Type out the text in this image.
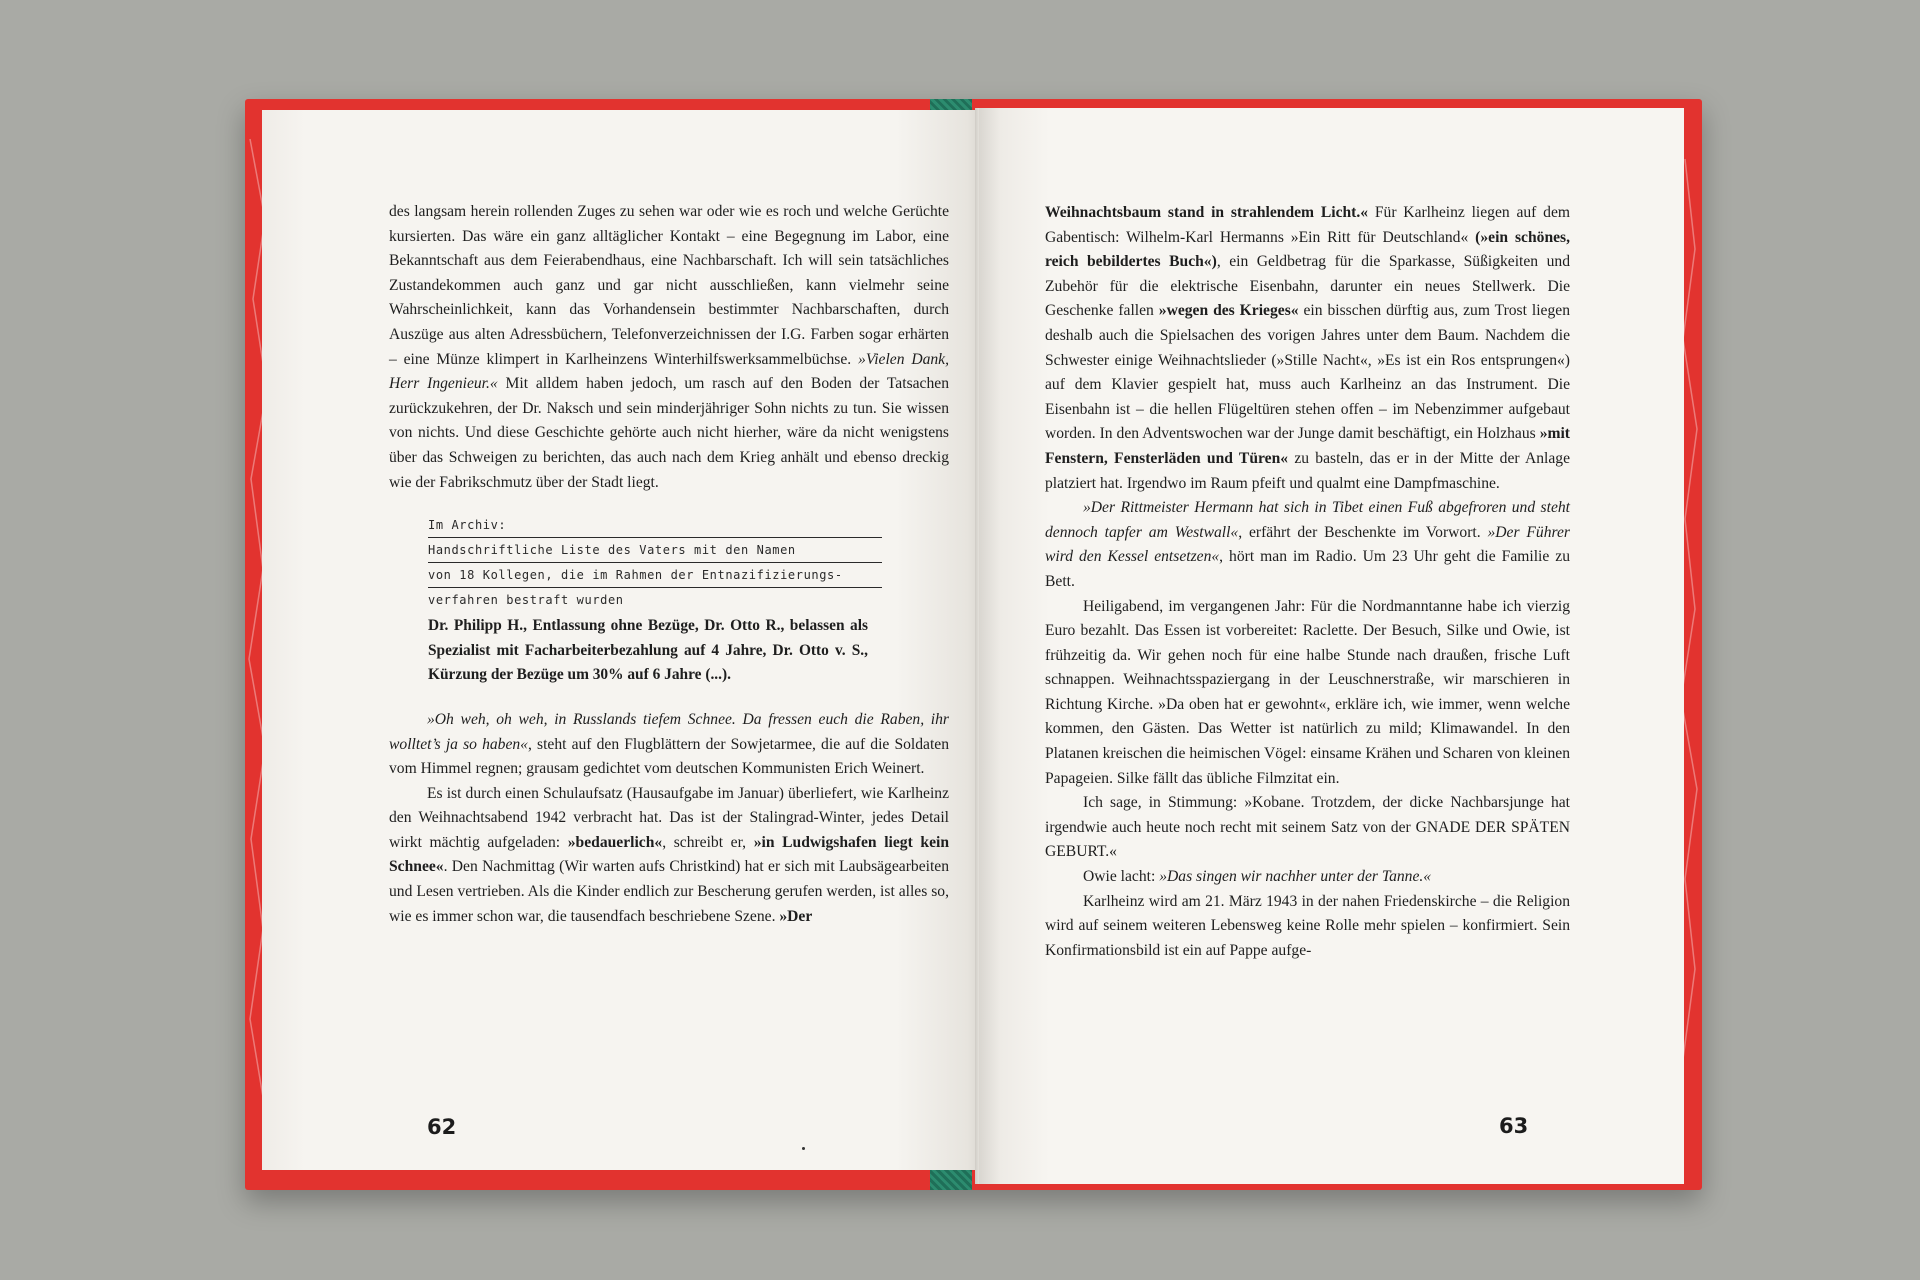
des langsam herein rollenden Zuges zu sehen war oder wie es roch und welche Gerüchte kursierten. Das wäre ein ganz alltäglicher Kontakt – eine Begegnung im Labor, eine Bekanntschaft aus dem Feierabendhaus, eine Nachbarschaft. Ich will sein tatsächliches Zustandekommen auch ganz und gar nicht ausschließen, kann vielmehr seine Wahrscheinlichkeit, kann das Vorhandensein bestimmter Nachbarschaften, durch Auszüge aus alten Adressbüchern, Telefonverzeichnissen der I.G. Farben sogar erhärten – eine Münze klimpert in Karlheinzens Winterhilfswerksammelbüchse. »Vielen Dank, Herr Ingenieur.« Mit alldem haben jedoch, um rasch auf den Boden der Tatsachen zurückzukehren, der Dr. Naksch und sein minderjähriger Sohn nichts zu tun. Sie wissen von nichts. Und diese Geschichte gehörte auch nicht hierher, wäre da nicht wenigstens über das Schweigen zu berichten, das auch nach dem Krieg anhält und ebenso dreckig wie der Fabrikschmutz über der Stadt liegt.

Im Archiv:
Handschriftliche Liste des Vaters mit den Namen
von 18 Kollegen, die im Rahmen der Entnazifizierungs-
verfahren bestraft wurden
Dr. Philipp H., Entlassung ohne Bezüge, Dr. Otto R., belassen als Spezialist mit Facharbeiterbezahlung auf 4 Jahre, Dr. Otto v. S., Kürzung der Bezüge um 30% auf 6 Jahre (...).

»Oh weh, oh weh, in Russlands tiefem Schnee. Da fressen euch die Raben, ihr wolltet’s ja so haben«, steht auf den Flugblättern der Sowjetarmee, die auf die Soldaten vom Himmel regnen; grausam gedichtet vom deutschen Kommunisten Erich Weinert.

Es ist durch einen Schulaufsatz (Hausaufgabe im Januar) überliefert, wie Karlheinz den Weihnachtsabend 1942 verbracht hat. Das ist der Stalingrad-Winter, jedes Detail wirkt mächtig aufgeladen: »bedauerlich«, schreibt er, »in Ludwigshafen liegt kein Schnee«. Den Nachmittag (Wir warten aufs Christkind) hat er sich mit Laubsägearbeiten und Lesen vertrieben. Als die Kinder endlich zur Bescherung gerufen werden, ist alles so, wie es immer schon war, die tausendfach beschriebene Szene. »Der

62

Weihnachtsbaum stand in strahlendem Licht.« Für Karlheinz liegen auf dem Gabentisch: Wilhelm-Karl Hermanns »Ein Ritt für Deutschland« (»ein schönes, reich bebildertes Buch«), ein Geldbetrag für die Sparkasse, Süßigkeiten und Zubehör für die elektrische Eisenbahn, darunter ein neues Stellwerk. Die Geschenke fallen »wegen des Krieges« ein bisschen dürftig aus, zum Trost liegen deshalb auch die Spielsachen des vorigen Jahres unter dem Baum. Nachdem die Schwester einige Weihnachtslieder (»Stille Nacht«, »Es ist ein Ros entsprungen«) auf dem Klavier gespielt hat, muss auch Karlheinz an das Instrument. Die Eisenbahn ist – die hellen Flügeltüren stehen offen – im Nebenzimmer aufgebaut worden. In den Adventswochen war der Junge damit beschäftigt, ein Holzhaus »mit Fenstern, Fensterläden und Türen« zu basteln, das er in der Mitte der Anlage platziert hat. Irgendwo im Raum pfeift und qualmt eine Dampfmaschine.

»Der Rittmeister Hermann hat sich in Tibet einen Fuß abgefroren und steht dennoch tapfer am Westwall«, erfährt der Beschenkte im Vorwort. »Der Führer wird den Kessel entsetzen«, hört man im Radio. Um 23 Uhr geht die Familie zu Bett.

Heiligabend, im vergangenen Jahr: Für die Nordmanntanne habe ich vierzig Euro bezahlt. Das Essen ist vorbereitet: Raclette. Der Besuch, Silke und Owie, ist frühzeitig da. Wir gehen noch für eine halbe Stunde nach draußen, frische Luft schnappen. Weihnachtsspaziergang in der Leuschnerstraße, wir marschieren in Richtung Kirche. »Da oben hat er gewohnt«, erkläre ich, wie immer, wenn welche kommen, den Gästen. Das Wetter ist natürlich zu mild; Klimawandel. In den Platanen kreischen die heimischen Vögel: einsame Krähen und Scharen von kleinen Papageien. Silke fällt das übliche Filmzitat ein.

Ich sage, in Stimmung: »Kobane. Trotzdem, der dicke Nachbarsjunge hat irgendwie auch heute noch recht mit seinem Satz von der GNADE DER SPÄTEN GEBURT.«

Owie lacht: »Das singen wir nachher unter der Tanne.«

Karlheinz wird am 21. März 1943 in der nahen Friedenskirche – die Religion wird auf seinem weiteren Lebensweg keine Rolle mehr spielen – konfirmiert. Sein Konfirmationsbild ist ein auf Pappe aufge-

63
